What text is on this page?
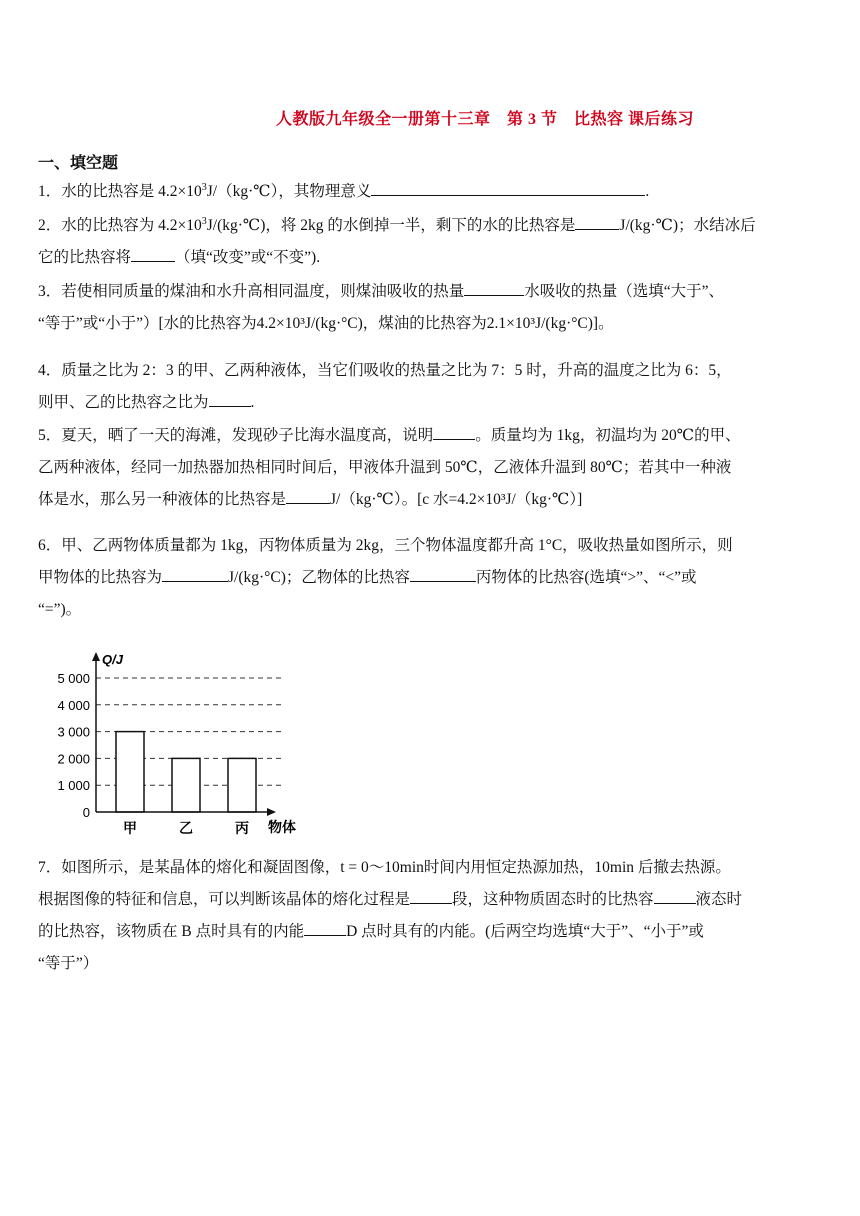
人教版九年级全一册第十三章　第 3 节　比热容 课后练习
一、填空题
1．水的比热容是 $4.2\times 10^3J/(kg\cdot℃)$，其物理意义	.
2．水的比热容为 $4.2\times 10^3J/(kg\cdot℃)$，将 2kg 的水倒掉一半，剩下的水的比热容是	J/(kg·℃)；水结冰后
它的比热容将	（填“改变”或“不变”).
3．若使相同质量的煤油和水升高相同温度，则煤油吸收的热量	水吸收的热量（选填“大于”、
“等于”或“小于”）[水的比热容为4.2×10³J/(kg·°C)，煤油的比热容为2.1×10³J/(kg·°C)]。
4．质量之比为 2：3 的甲、乙两种液体，当它们吸收的热量之比为 7：5 时，升高的温度之比为 6：5，
则甲、乙的比热容之比为	.
5．夏天，晒了一天的海滩，发现砂子比海水温度高，说明	。质量均为 1kg，初温均为 20℃的甲、
乙两种液体，经同一加热器加热相同时间后，甲液体升温到 50℃，乙液体升温到 80℃；若其中一种液
体是水，那么另一种液体的比热容是	J/（kg·℃）。[c 水=4.2×10³J/（kg·℃）]
6．甲、乙两物体质量都为 1kg，丙物体质量为 2kg，三个物体温度都升高 1°C，吸收热量如图所示，则
甲物体的比热容为	J/(kg·°C)；乙物体的比热容	丙物体的比热容(选填“>”、“<”或
“=”)。
0
1 000
2 000
3 000
4 000
5 000
甲	乙	丙
Q/J
物体
7．如图所示，是某晶体的熔化和凝固图像，t = 0～10min时间内用恒定热源加热，10min 后撤去热源。
根据图像的特征和信息，可以判断该晶体的熔化过程是	段，这种物质固态时的比热容	液态时
的比热容，该物质在 B 点时具有的内能	D 点时具有的内能。(后两空均选填“大于”、“小于”或
“等于”）
